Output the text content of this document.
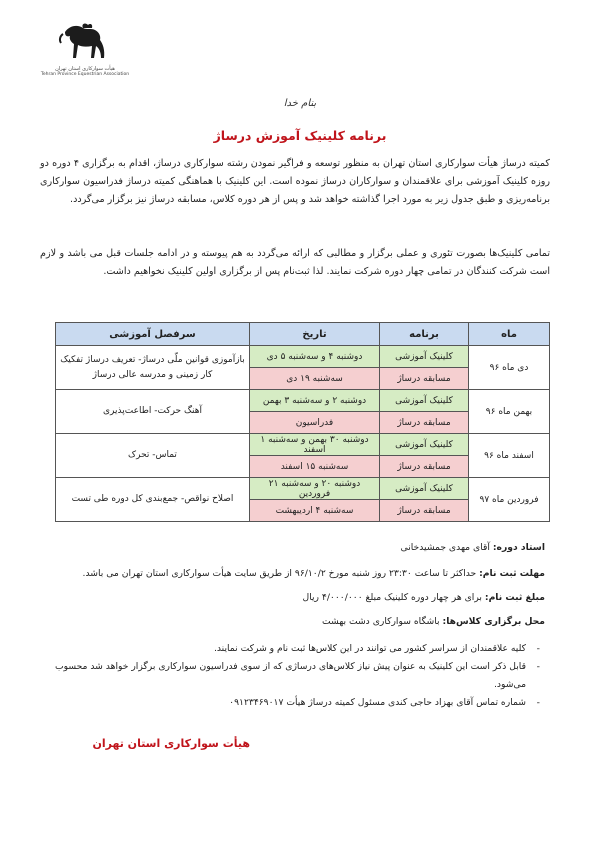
هیأت سوارکاری استان تهران
Tehran Province Equestrian Association
بنام خدا
برنامه کلینیک آموزش درساژ
کمیته درساژ هیأت سوارکاری استان تهران به منظور توسعه و فراگیر نمودن رشته سوارکاری درساژ، اقدام به برگزاری ۴ دوره دو روزه کلینیک آموزشی برای علاقمندان و سوارکاران درساژ نموده است. این کلینیک با هماهنگی کمیته درساژ فدراسیون سوارکاری برنامه‌ریزی و طبق جدول زیر به مورد اجرا گذاشته خواهد شد و پس از هر دوره کلاس، مسابقه درساژ نیز برگزار می‌گردد.
تمامی کلینیک‌ها بصورت تئوری و عملی برگزار و مطالبی که ارائه می‌گردد به هم پیوسته و در ادامه جلسات قبل می باشد و لازم است شرکت کنندگان در تمامی چهار دوره شرکت نمایند. لذا ثبت‌نام پس از برگزاری اولین کلینیک نخواهیم داشت.
ماه	برنامه	تاریخ	سرفصل آموزشی
دی ماه ۹۶	کلینیک آموزشی	دوشنبه ۴ و سه‌شنبه ۵ دی	بازآموزی قوانین ملّی درساژ- تعریف درساژ تفکیک کار زمینی و مدرسه عالی درساژ
	مسابقه درساژ	سه‌شنبه ۱۹ دی	
بهمن ماه ۹۶	کلینیک آموزشی	دوشنبه ۲ و سه‌شنبه ۳ بهمن	آهنگ حرکت- اطاعت‌پذیری
	مسابقه درساژ	فدراسیون	
اسفند ماه ۹۶	کلینیک آموزشی	دوشنبه ۳۰ بهمن و سه‌شنبه ۱ اسفند	تماس- تحرک
	مسابقه درساژ	سه‌شنبه ۱۵ اسفند	
فروردین ماه ۹۷	کلینیک آموزشی	دوشنبه ۲۰ و سه‌شنبه ۲۱ فروردین	اصلاح نواقص- جمع‌بندی کل دوره طی تست
	مسابقه درساژ	سه‌شنبه ۴ اردیبهشت	
استاد دوره: آقای مهدی جمشیدخانی
مهلت ثبت نام: حداکثر تا ساعت ۲۳:۳۰ روز شنبه مورخ ۹۶/۱۰/۲ از طریق سایت هیأت سوارکاری استان تهران می باشد.
مبلغ ثبت نام: برای هر چهار دوره کلینیک مبلغ ۴/۰۰۰/۰۰۰ ریال
محل برگزاری کلاس‌ها: باشگاه سوارکاری دشت بهشت
- کلیه علاقمندان از سراسر کشور می توانند در این کلاس‌ها ثبت نام و شرکت نمایند.
- قابل ذکر است این کلینیک به عنوان پیش نیاز کلاس‌های درساژی که از سوی فدراسیون سوارکاری برگزار خواهد شد محسوب می‌شود.
- شماره تماس آقای بهزاد حاجی کندی مسئول کمیته درساژ هیأت ۰۹۱۲۳۴۶۹۰۱۷
هیأت سوارکاری استان تهران
